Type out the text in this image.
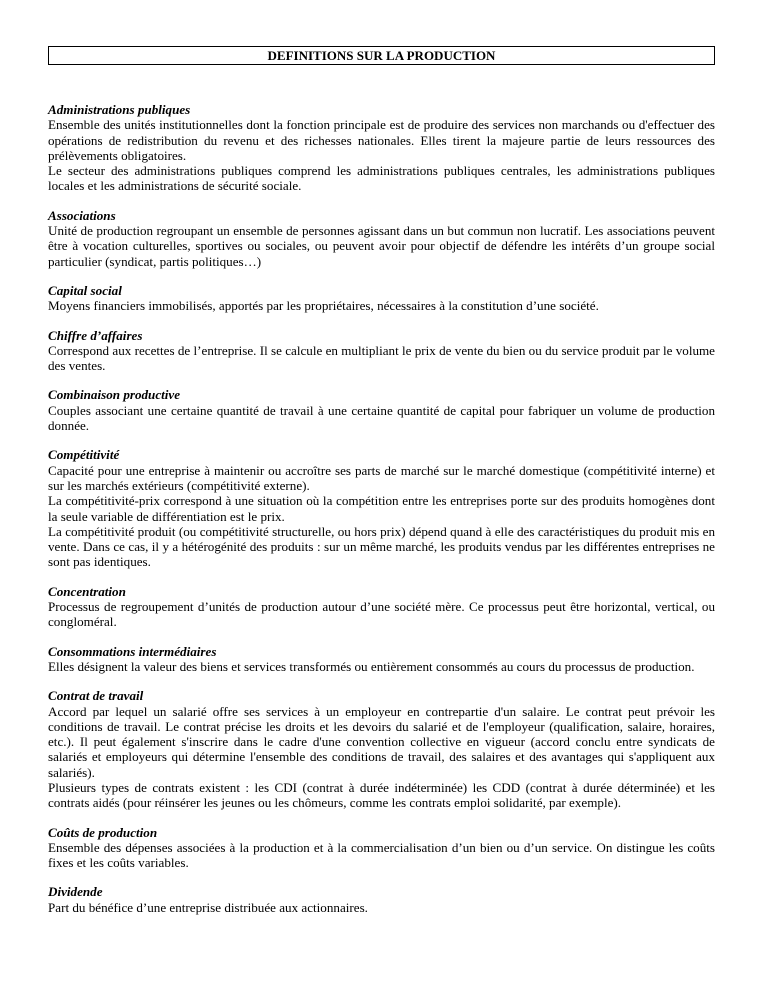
DEFINITIONS SUR LA PRODUCTION
Administrations publiques
Ensemble des unités institutionnelles dont la fonction principale est de produire des services non marchands ou d'effectuer des opérations de redistribution du revenu et des richesses nationales. Elles tirent la majeure partie de leurs ressources des prélèvements obligatoires.
Le secteur des administrations publiques comprend les administrations publiques centrales, les administrations publiques locales et les administrations de sécurité sociale.
Associations
Unité de production regroupant un ensemble de personnes agissant dans un but commun non lucratif. Les associations peuvent être à vocation culturelles, sportives ou sociales, ou peuvent avoir pour objectif de défendre les intérêts d’un groupe social particulier (syndicat, partis politiques…)
Capital social
Moyens financiers immobilisés, apportés par les propriétaires, nécessaires à la constitution d’une société.
Chiffre d’affaires
Correspond aux recettes de l’entreprise. Il se calcule en multipliant le prix de vente du bien ou du service produit par le volume des ventes.
Combinaison productive
Couples associant une certaine quantité de travail à une certaine quantité de capital pour fabriquer un volume de production donnée.
Compétitivité
Capacité pour une entreprise à maintenir ou accroître ses parts de marché sur le marché domestique (compétitivité interne) et sur les marchés extérieurs (compétitivité externe).
La compétitivité-prix correspond à une situation où la compétition entre les entreprises porte sur des produits homogènes dont la seule variable de différentiation est le prix.
La compétitivité produit (ou compétitivité structurelle, ou hors prix) dépend quand à elle des caractéristiques du produit mis en vente. Dans ce cas, il y a hétérogénité des produits : sur un même marché, les produits vendus par les différentes entreprises ne sont pas identiques.
Concentration
Processus de regroupement d’unités de production autour d’une société mère. Ce processus peut être horizontal, vertical, ou congloméral.
Consommations intermédiaires
Elles désignent la valeur des biens et services transformés ou entièrement consommés au cours du processus de production.
Contrat de travail
Accord par lequel un salarié offre ses services à un employeur en contrepartie d'un salaire. Le contrat peut prévoir les conditions de travail. Le contrat précise les droits et les devoirs du salarié et de l'employeur (qualification, salaire, horaires, etc.). Il peut également s'inscrire dans le cadre d'une convention collective en vigueur (accord conclu entre syndicats de salariés et employeurs qui détermine l'ensemble des conditions de travail, des salaires et des avantages qui s'appliquent aux salariés).
Plusieurs types de contrats existent : les CDI (contrat à durée indéterminée) les CDD (contrat à durée déterminée) et les contrats aidés (pour réinsérer les jeunes ou les chômeurs, comme les contrats emploi solidarité, par exemple).
Coûts de production
Ensemble des dépenses associées à la production et à la commercialisation d’un bien ou d’un service. On distingue les coûts fixes et les coûts variables.
Dividende
Part du bénéfice d’une entreprise distribuée aux actionnaires.
